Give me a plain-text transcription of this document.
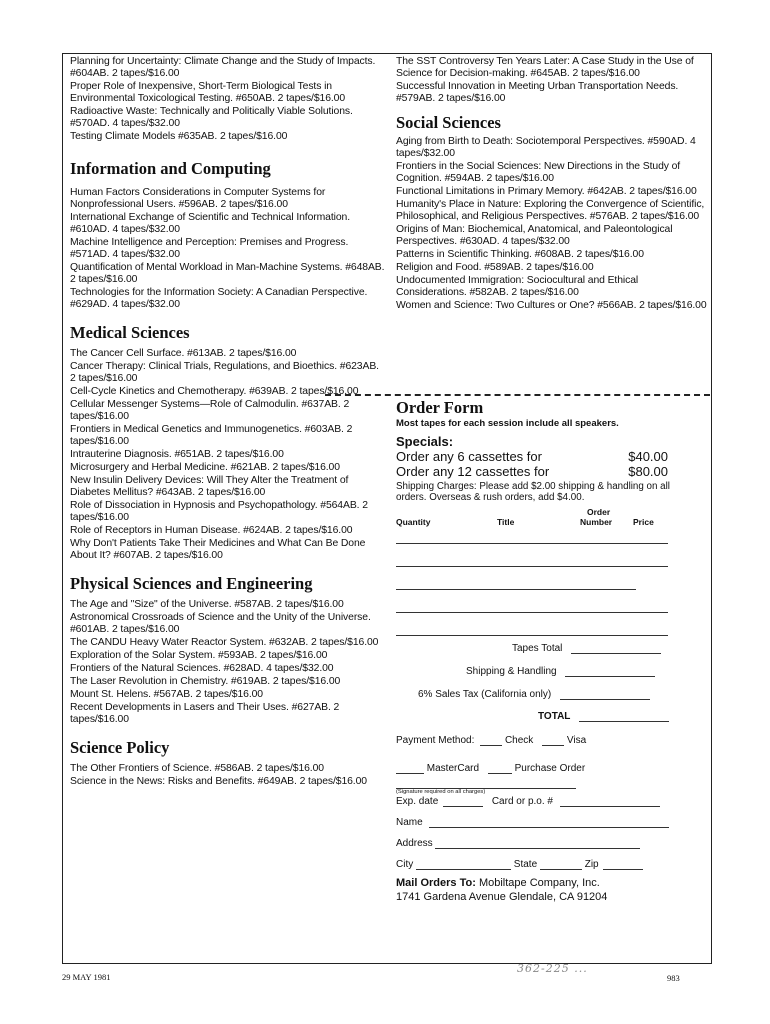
Planning for Uncertainty: Climate Change and the Study of Impacts. #604AB. 2 tapes/$16.00
Proper Role of Inexpensive, Short-Term Biological Tests in Environmental Toxicological Testing. #650AB. 2 tapes/$16.00
Radioactive Waste: Technically and Politically Viable Solutions. #570AD. 4 tapes/$32.00
Testing Climate Models #635AB. 2 tapes/$16.00
Information and Computing
Human Factors Considerations in Computer Systems for Nonprofessional Users. #596AB. 2 tapes/$16.00
International Exchange of Scientific and Technical Information. #610AD. 4 tapes/$32.00
Machine Intelligence and Perception: Premises and Progress. #571AD. 4 tapes/$32.00
Quantification of Mental Workload in Man-Machine Systems. #648AB. 2 tapes/$16.00
Technologies for the Information Society: A Canadian Perspective. #629AD. 4 tapes/$32.00
Medical Sciences
The Cancer Cell Surface. #613AB. 2 tapes/$16.00
Cancer Therapy: Clinical Trials, Regulations, and Bioethics. #623AB. 2 tapes/$16.00
Cell-Cycle Kinetics and Chemotherapy. #639AB. 2 tapes/$16.00
Cellular Messenger Systems—Role of Calmodulin. #637AB. 2 tapes/$16.00
Frontiers in Medical Genetics and Immunogenetics. #603AB. 2 tapes/$16.00
Intrauterine Diagnosis. #651AB. 2 tapes/$16.00
Microsurgery and Herbal Medicine. #621AB. 2 tapes/$16.00
New Insulin Delivery Devices: Will They Alter the Treatment of Diabetes Mellitus? #643AB. 2 tapes/$16.00
Role of Dissociation in Hypnosis and Psychopathology. #564AB. 2 tapes/$16.00
Role of Receptors in Human Disease. #624AB. 2 tapes/$16.00
Why Don't Patients Take Their Medicines and What Can Be Done About It? #607AB. 2 tapes/$16.00
Physical Sciences and Engineering
The Age and "Size" of the Universe. #587AB. 2 tapes/$16.00
Astronomical Crossroads of Science and the Unity of the Universe. #601AB. 2 tapes/$16.00
The CANDU Heavy Water Reactor System. #632AB. 2 tapes/$16.00
Exploration of the Solar System. #593AB. 2 tapes/$16.00
Frontiers of the Natural Sciences. #628AD. 4 tapes/$32.00
The Laser Revolution in Chemistry. #619AB. 2 tapes/$16.00
Mount St. Helens. #567AB. 2 tapes/$16.00
Recent Developments in Lasers and Their Uses. #627AB. 2 tapes/$16.00
Science Policy
The Other Frontiers of Science. #586AB. 2 tapes/$16.00
Science in the News: Risks and Benefits. #649AB. 2 tapes/$16.00
The SST Controversy Ten Years Later: A Case Study in the Use of Science for Decision-making. #645AB. 2 tapes/$16.00
Successful Innovation in Meeting Urban Transportation Needs. #579AB. 2 tapes/$16.00
Social Sciences
Aging from Birth to Death: Sociotemporal Perspectives. #590AD. 4 tapes/$32.00
Frontiers in the Social Sciences: New Directions in the Study of Cognition. #594AB. 2 tapes/$16.00
Functional Limitations in Primary Memory. #642AB. 2 tapes/$16.00
Humanity's Place in Nature: Exploring the Convergence of Scientific, Philosophical, and Religious Perspectives. #576AB. 2 tapes/$16.00
Origins of Man: Biochemical, Anatomical, and Paleontological Perspectives. #630AD. 4 tapes/$32.00
Patterns in Scientific Thinking. #608AB. 2 tapes/$16.00
Religion and Food. #589AB. 2 tapes/$16.00
Undocumented Immigration: Sociocultural and Ethical Considerations. #582AB. 2 tapes/$16.00
Women and Science: Two Cultures or One? #566AB. 2 tapes/$16.00
Order Form
Most tapes for each session include all speakers.
Specials:
Order any 6 cassettes for	$40.00
Order any 12 cassettes for	$80.00
Shipping Charges: Please add $2.00 shipping & handling on all orders. Overseas & rush orders, add $4.00.
Quantity	Title
Order
Number Price
Tapes Total
Shipping & Handling
6% Sales Tax (California only)
TOTAL
Payment Method:	Check	Visa
MasterCard	Purchase Order
(Signature required on all charges)
Exp. date	Card or p.o. #
Name
Address
City	State	Zip
Mail Orders To: Mobiltape Company, Inc.
1741 Gardena Avenue Glendale, CA 91204
29 MAY 1981
362-225 ...
983
